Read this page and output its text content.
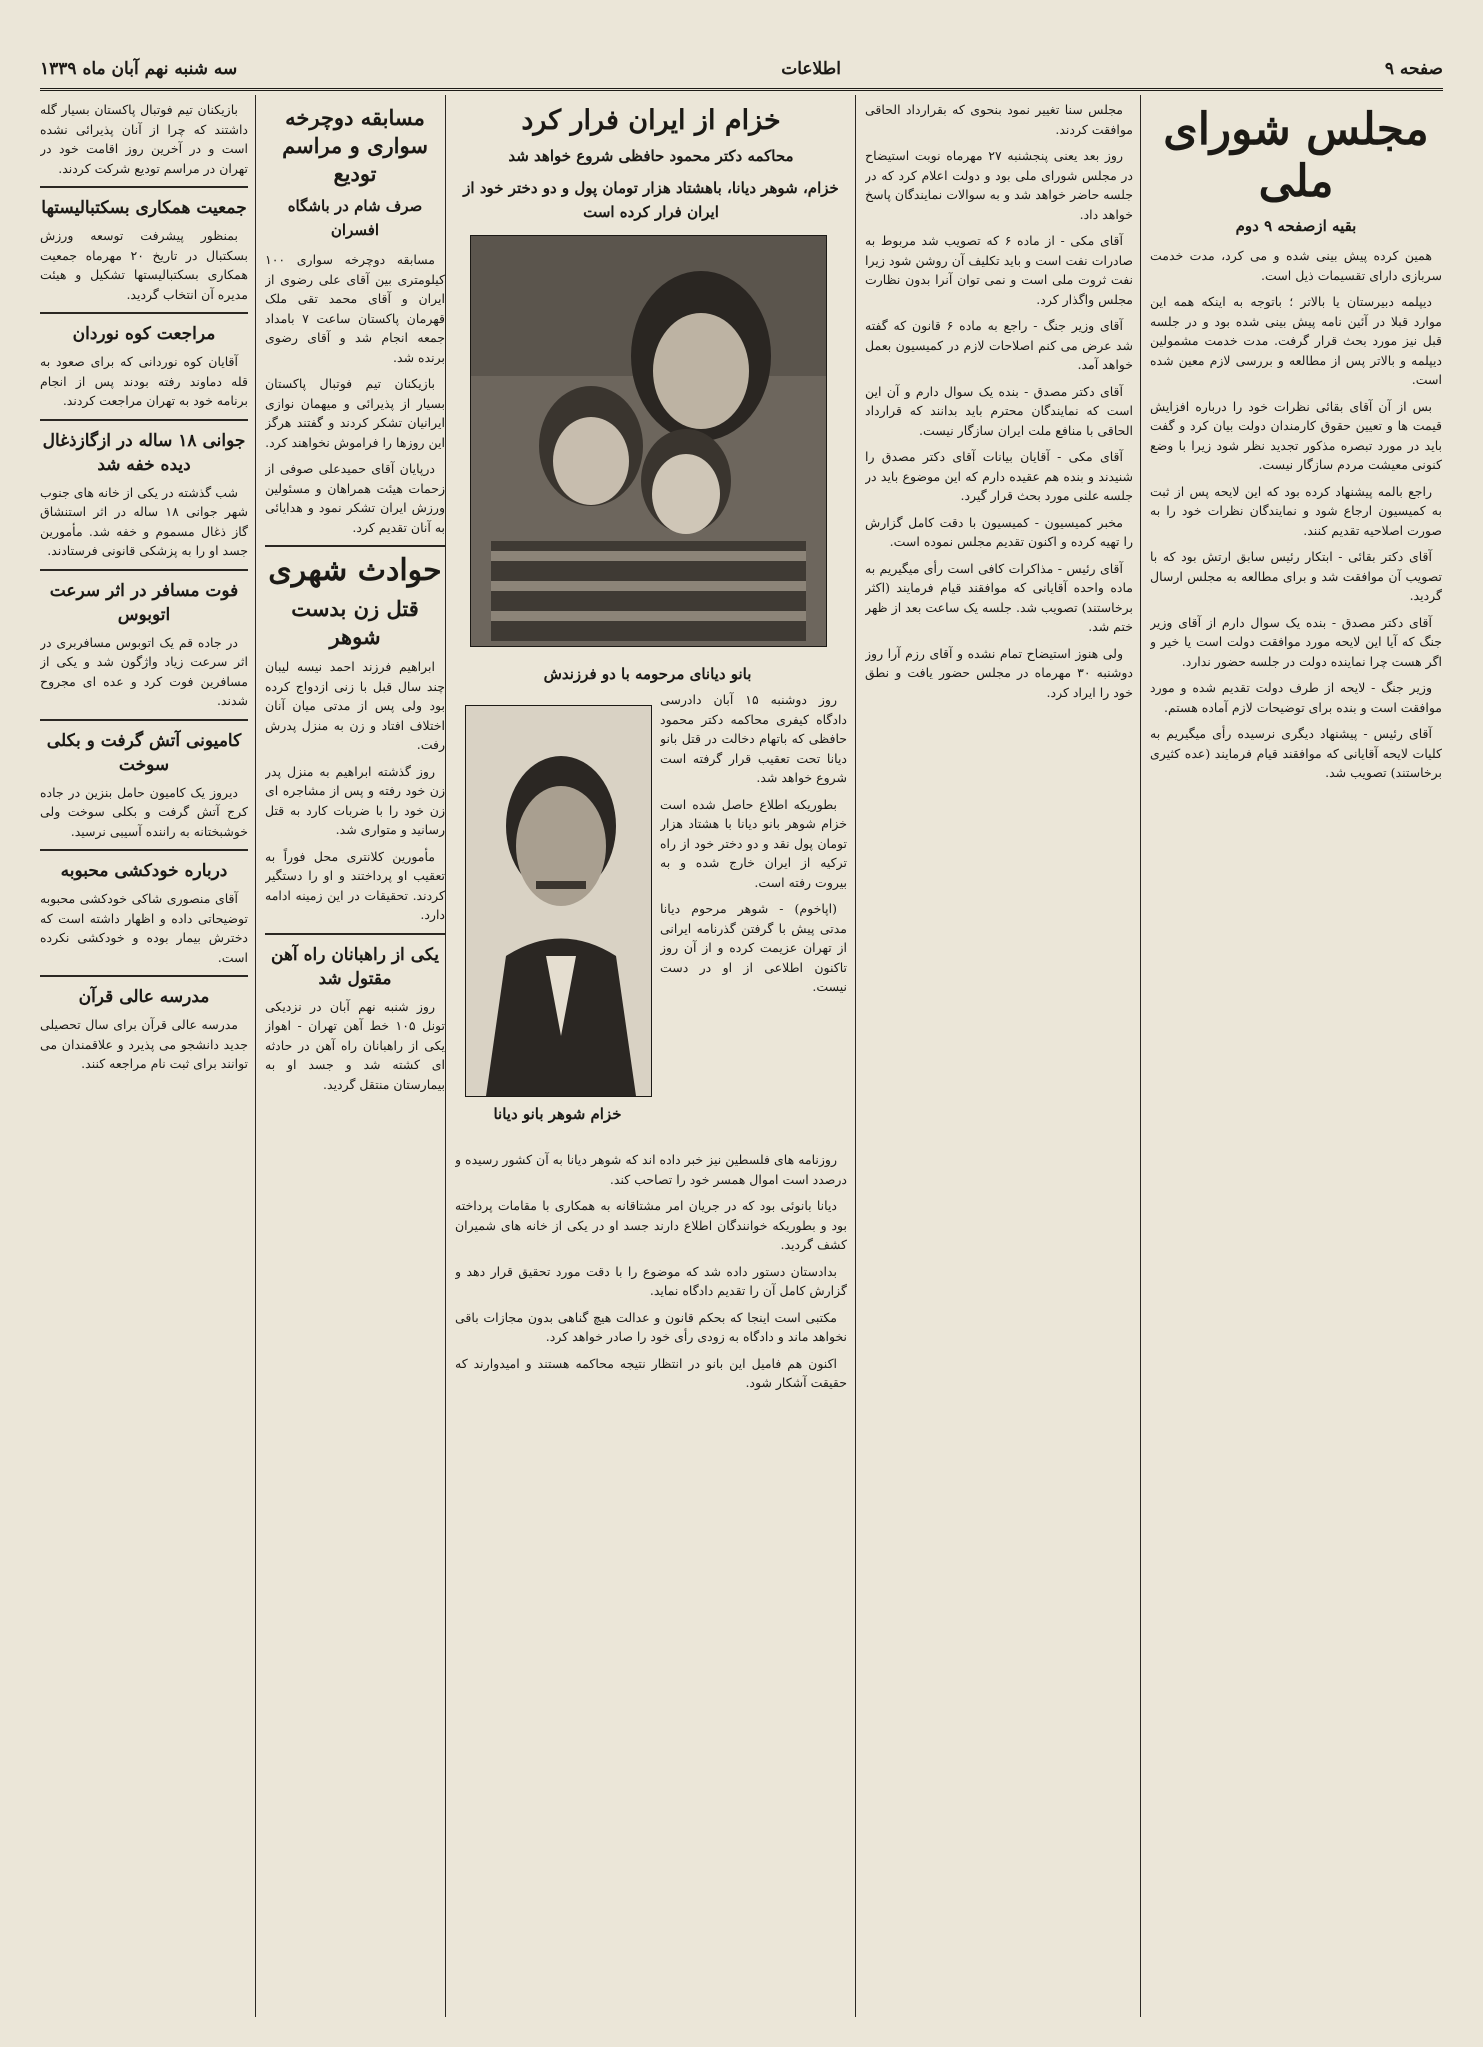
صفحه ۹
اطلاعات
سه شنبه نهم آبان ماه ۱۳۳۹
مجلس شورای ملی
بقیه ازصفحه ۹ دوم

همین کرده پیش بینی شده و می کرد، مدت خدمت سربازی دارای تقسیمات ذیل است.

دیپلمه دبیرستان یا بالاتر ؛ باتوجه به اینکه همه این موارد قبلا در آئین نامه پیش بینی شده بود و در جلسه قبل نیز مورد بحث قرار گرفت. مدت خدمت مشمولین دیپلمه و بالاتر پس از مطالعه و بررسی لازم معین شده است.

بس از آن آقای بقائی نظرات خود را درباره افزایش قیمت ها و تعیین حقوق کارمندان دولت بیان کرد و گفت باید در مورد تبصره مذکور تجدید نظر شود زیرا با وضع کنونی معیشت مردم سازگار نیست.

راجع بالمه پیشنهاد کرده بود که این لایحه پس از ثبت به کمیسیون ارجاع شود و نمایندگان نظرات خود را به صورت اصلاحیه تقدیم کنند.

آقای دکتر بقائی - ابتکار رئیس سابق ارتش بود که با تصویب آن موافقت شد و برای مطالعه به مجلس ارسال گردید.

آقای دکتر مصدق - بنده یک سوال دارم از آقای وزیر جنگ که آیا این لایحه مورد موافقت دولت است یا خیر و اگر هست چرا نماینده دولت در جلسه حضور ندارد.

وزیر جنگ - لایحه از طرف دولت تقدیم شده و مورد موافقت است و بنده برای توضیحات لازم آماده هستم.

آقای رئیس - پیشنهاد دیگری نرسیده رأی میگیریم به کلیات لایحه آقایانی که موافقند قیام فرمایند (عده کثیری برخاستند) تصویب شد.

مجلس سنا تغییر نمود بنحوی که بقرارداد الحاقی موافقت کردند.

روز بعد یعنی پنجشنبه ۲۷ مهرماه نوبت استیضاح در مجلس شورای ملی بود و دولت اعلام کرد که در جلسه حاضر خواهد شد و به سوالات نمایندگان پاسخ خواهد داد.

آقای مکی - از ماده ۶ که تصویب شد مربوط به صادرات نفت است و باید تکلیف آن روشن شود زیرا نفت ثروت ملی است و نمی توان آنرا بدون نظارت مجلس واگذار کرد.

آقای وزیر جنگ - راجع به ماده ۶ قانون که گفته شد عرض می کنم اصلاحات لازم در کمیسیون بعمل خواهد آمد.

آقای دکتر مصدق - بنده یک سوال دارم و آن این است که نمایندگان محترم باید بدانند که قرارداد الحاقی با منافع ملت ایران سازگار نیست.

آقای مکی - آقایان بیانات آقای دکتر مصدق را شنیدند و بنده هم عقیده دارم که این موضوع باید در جلسه علنی مورد بحث قرار گیرد.

مخبر کمیسیون - کمیسیون با دقت کامل گزارش را تهیه کرده و اکنون تقدیم مجلس نموده است.

آقای رئیس - مذاکرات کافی است رأی میگیریم به ماده واحده آقایانی که موافقند قیام فرمایند (اکثر برخاستند) تصویب شد. جلسه یک ساعت بعد از ظهر ختم شد.

ولی هنوز استیضاح تمام نشده و آقای رزم آرا روز دوشنبه ۳۰ مهرماه در مجلس حضور یافت و نطق خود را ایراد کرد.

خزام از ایران فرار کرد
محاکمه دکتر محمود حافظی شروع خواهد شد
خزام، شوهر دیانا، باهشتاد هزار تومان پول و دو دختر خود از ایران فرار کرده است
بانو دیانای مرحومه با دو فرزندش
خزام شوهر بانو دیانا

روز دوشنبه ۱۵ آبان دادرسی دادگاه کیفری محاکمه دکتر محمود حافظی که باتهام دخالت در قتل بانو دیانا تحت تعقیب قرار گرفته است شروع خواهد شد.

بطوریکه اطلاع حاصل شده است خزام شوهر بانو دیانا با هشتاد هزار تومان پول نقد و دو دختر خود از راه ترکیه از ایران خارج شده و به بیروت رفته است.

(اپاخوم) - شوهر مرحوم دیانا مدتی پیش با گرفتن گذرنامه ایرانی از تهران عزیمت کرده و از آن روز تاکنون اطلاعی از او در دست نیست.

روزنامه های فلسطین نیز خبر داده اند که شوهر دیانا به آن کشور رسیده و درصدد است اموال همسر خود را تصاحب کند.

دیانا بانوئی بود که در جریان امر مشتاقانه به همکاری با مقامات پرداخته بود و بطوریکه خوانندگان اطلاع دارند جسد او در یکی از خانه های شمیران کشف گردید.

بدادستان دستور داده شد که موضوع را با دقت مورد تحقیق قرار دهد و گزارش کامل آن را تقدیم دادگاه نماید.

مکتبی است اینجا که بحکم قانون و عدالت هیچ گناهی بدون مجازات باقی نخواهد ماند و دادگاه به زودی رأی خود را صادر خواهد کرد.

اکنون هم فامیل این بانو در انتظار نتیجه محاکمه هستند و امیدوارند که حقیقت آشکار شود.

مسابقه دوچرخه سواری و مراسم تودیع
صرف شام در باشگاه افسران

مسابقه دوچرخه سواری ۱۰۰ کیلومتری بین آقای علی رضوی از ایران و آقای محمد تقی ملک قهرمان پاکستان ساعت ۷ بامداد جمعه انجام شد و آقای رضوی برنده شد.

بازیکنان تیم فوتبال پاکستان بسیار از پذیرائی و میهمان نوازی ایرانیان تشکر کردند و گفتند هرگز این روزها را فراموش نخواهند کرد.

درپایان آقای حمیدعلی صوفی از زحمات هیئت همراهان و مسئولین ورزش ایران تشکر نمود و هدایائی به آنان تقدیم کرد.

حوادث شهری
قتل زن بدست شوهر

ابراهیم فرزند احمد نیسه لیبان چند سال قبل با زنی ازدواج کرده بود ولی پس از مدتی میان آنان اختلاف افتاد و زن به منزل پدرش رفت.

روز گذشته ابراهیم به منزل پدر زن خود رفته و پس از مشاجره ای زن خود را با ضربات کارد به قتل رسانید و متواری شد.

مأمورین کلانتری محل فوراً به تعقیب او پرداختند و او را دستگیر کردند. تحقیقات در این زمینه ادامه دارد.

یکی از راهبانان راه آهن مقتول شد

روز شنبه نهم آبان در نزدیکی تونل ۱۰۵ خط آهن تهران - اهواز یکی از راهبانان راه آهن در حادثه ای کشته شد و جسد او به بیمارستان منتقل گردید.

بازیکنان تیم فوتبال پاکستان بسیار گله داشتند که چرا از آنان پذیرائی نشده است و در آخرین روز اقامت خود در تهران در مراسم تودیع شرکت کردند.

جمعیت همکاری بسکتبالیستها

بمنظور پیشرفت توسعه ورزش بسکتبال در تاریخ ۲۰ مهرماه جمعیت همکاری بسکتبالیستها تشکیل و هیئت مدیره آن انتخاب گردید.

مراجعت کوه نوردان

آقایان کوه نوردانی که برای صعود به قله دماوند رفته بودند پس از انجام برنامه خود به تهران مراجعت کردند.

جوانی ۱۸ ساله در ازگازذغال دیده خفه شد

شب گذشته در یکی از خانه های جنوب شهر جوانی ۱۸ ساله در اثر استنشاق گاز ذغال مسموم و خفه شد. مأمورین جسد او را به پزشکی قانونی فرستادند.

فوت مسافر در اثر سرعت اتوبوس

در جاده قم یک اتوبوس مسافربری در اثر سرعت زیاد واژگون شد و یکی از مسافرین فوت کرد و عده ای مجروح شدند.

کامیونی آتش گرفت و بکلی سوخت

دیروز یک کامیون حامل بنزین در جاده کرج آتش گرفت و بکلی سوخت ولی خوشبختانه به راننده آسیبی نرسید.

درباره خودکشی محبوبه

آقای منصوری شاکی خودکشی محبوبه توضیحاتی داده و اظهار داشته است که دخترش بیمار بوده و خودکشی نکرده است.

مدرسه عالی قرآن

مدرسه عالی قرآن برای سال تحصیلی جدید دانشجو می پذیرد و علاقمندان می توانند برای ثبت نام مراجعه کنند.
